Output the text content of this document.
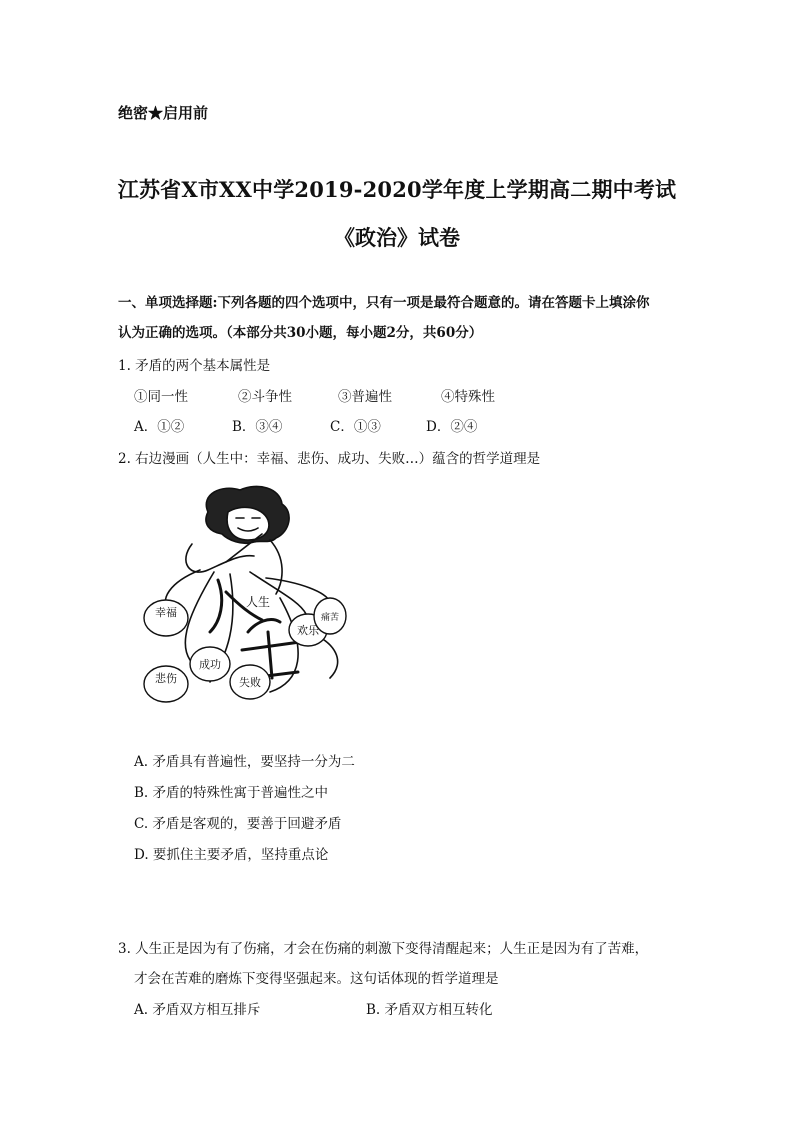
绝密★启用前
江苏省X市XX中学2019-2020学年度上学期高二期中考试
《政治》试卷
一、单项选择题:下列各题的四个选项中，只有一项是最符合题意的。请在答题卡上填涂你
认为正确的选项。（本部分共30小题，每小题2分，共60分）
1. 矛盾的两个基本属性是
①同一性	②斗争性	③普遍性	④特殊性
A．①②	B．③④	C．①③	D．②④
2. 右边漫画（人生中：幸福、悲伤、成功、失败…）蕴含的哲学道理是
幸福
悲伤
成功
失败
欢乐
痛苦
人生
A. 矛盾具有普遍性，要坚持一分为二
B. 矛盾的特殊性寓于普遍性之中
C. 矛盾是客观的，要善于回避矛盾
D. 要抓住主要矛盾，坚持重点论
3. 人生正是因为有了伤痛，才会在伤痛的刺激下变得清醒起来；人生正是因为有了苦难，
才会在苦难的磨炼下变得坚强起来。这句话体现的哲学道理是
A. 矛盾双方相互排斥	B. 矛盾双方相互转化
